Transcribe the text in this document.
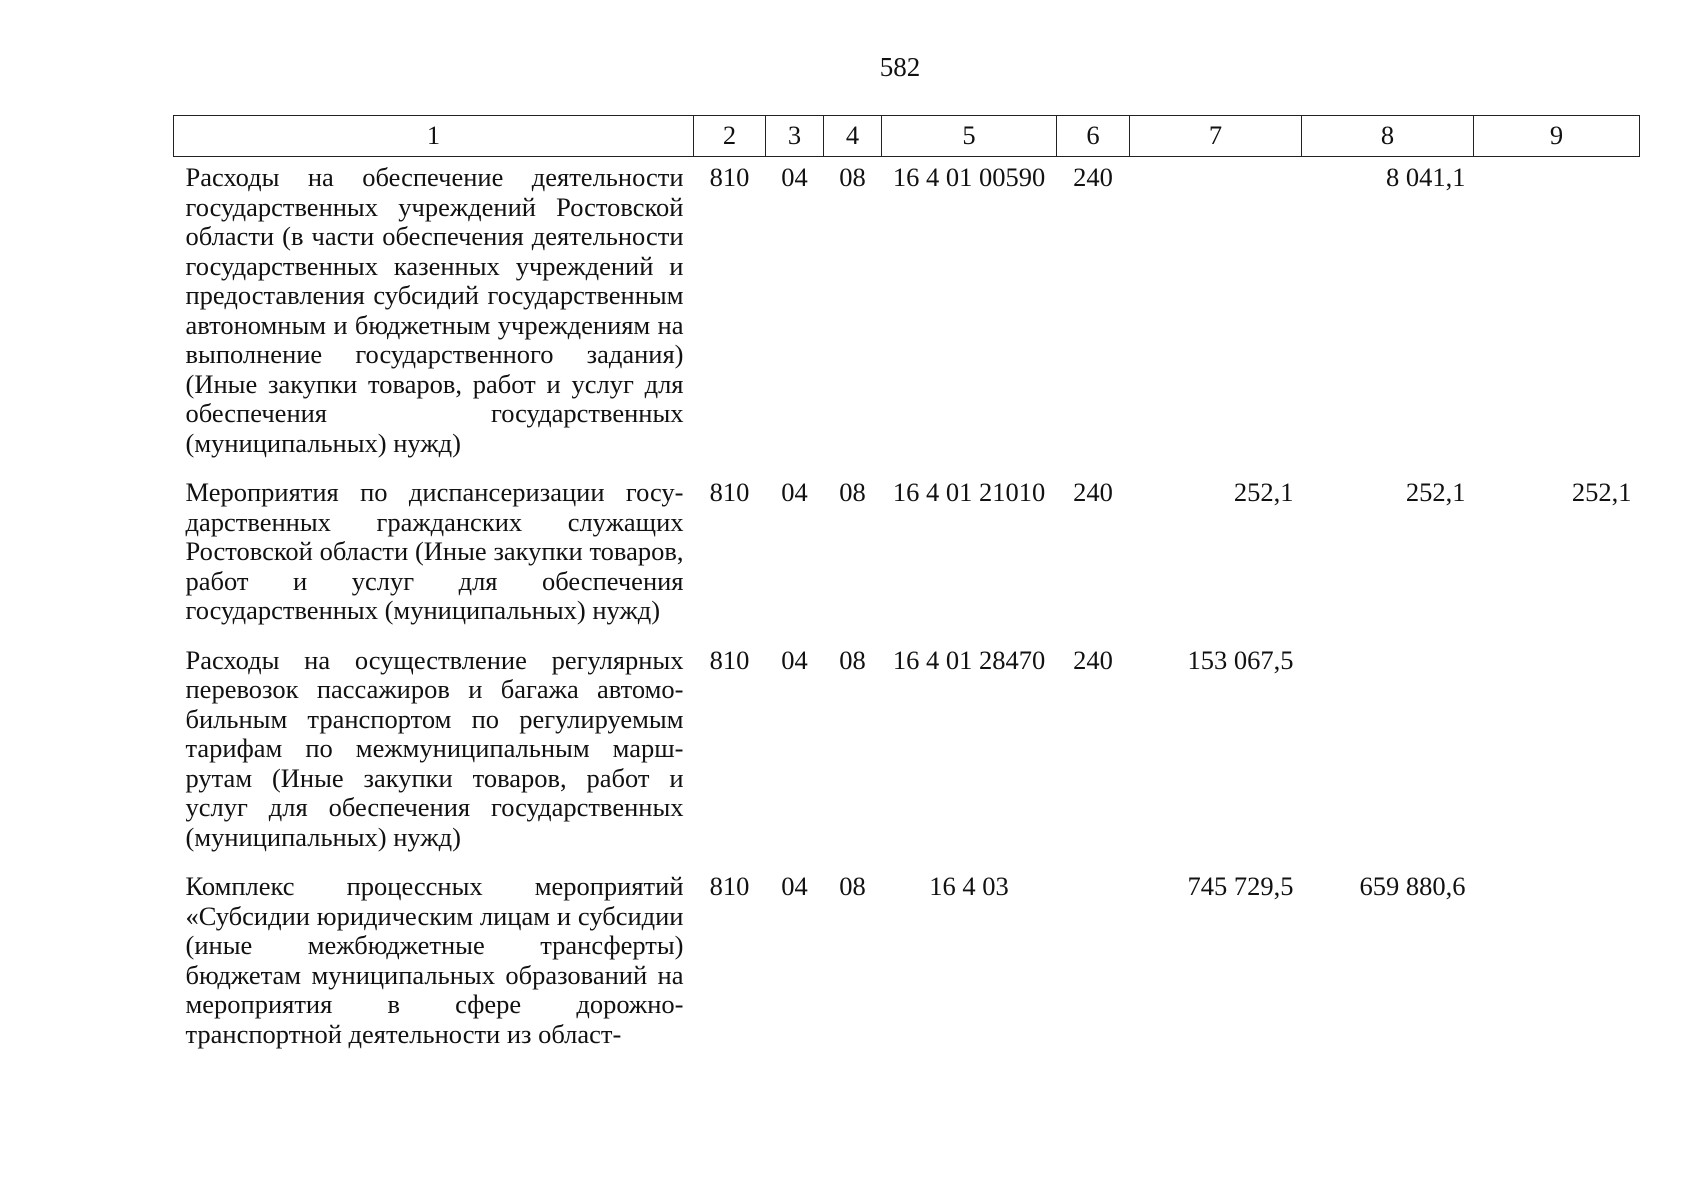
582
1	2	3	4	5	6	7	8	9
Расходы на обеспечение деятельности государственных учреждений Ростовской области (в части обеспечения деятельности государственных казенных учреждений и предоставления субсидий государственным автономным и бюджетным учреждениям на выполнение государственного задания) (Иные закупки товаров, работ и услуг для обеспечения государственных (муниципальных) нужд)	810	04	08	16 4 01 00590	240		8 041,1	
Мероприятия по диспансеризации государственных гражданских служащих Ростовской области (Иные закупки товаров, работ и услуг для обеспечения государственных (муниципальных) нужд)	810	04	08	16 4 01 21010	240	252,1	252,1	252,1
Расходы на осуществление регулярных перевозок пассажиров и багажа автомобильным транспортом по регулируемым тарифам по межмуниципальным маршрутам (Иные закупки товаров, работ и услуг для обеспечения государственных (муниципальных) нужд)	810	04	08	16 4 01 28470	240	153 067,5		
Комплекс процессных мероприятий «Субсидии юридическим лицам и субсидии (иные межбюджетные трансферты) бюджетам муниципальных образований на мероприятия в сфере дорожно-транспортной деятельности из област-	810	04	08	16 4 03		745 729,5	659 880,6	
